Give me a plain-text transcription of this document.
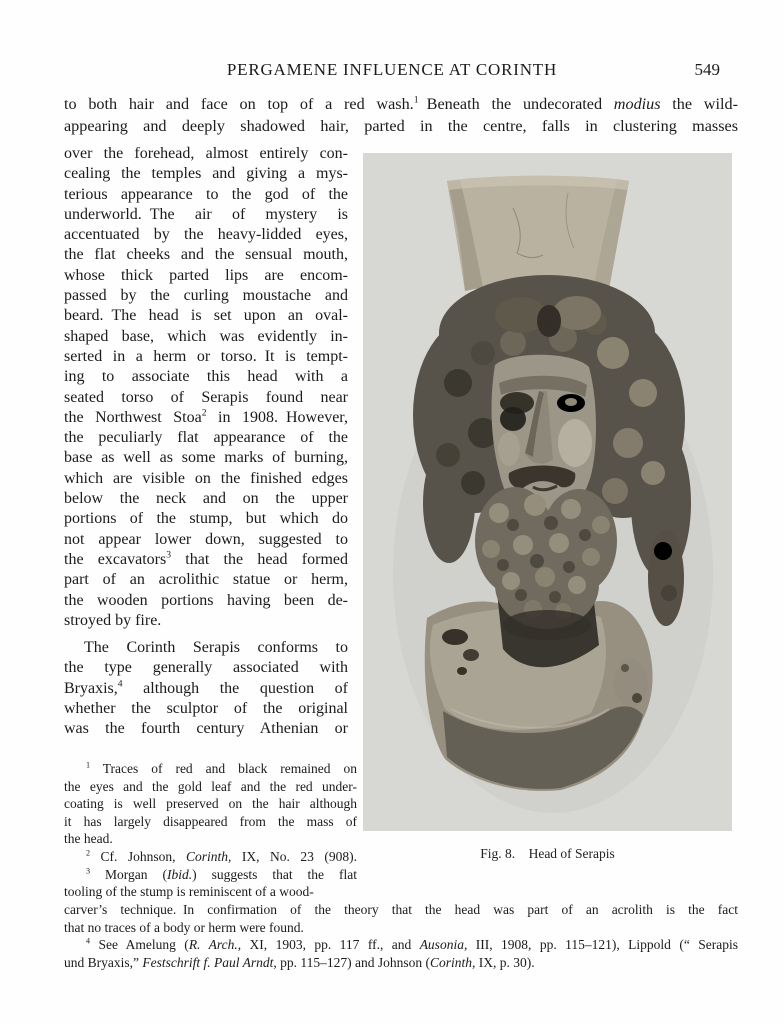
PERGAMENE INFLUENCE AT CORINTH	549
to both hair and face on top of a red wash.$^1$ Beneath the undecorated modius the wild-
appearing and deeply shadowed hair, parted in the centre, falls in clustering masses
over the forehead, almost entirely con-
cealing the temples and giving a mys-
terious appearance to the god of the
underworld. The air of mystery is
accentuated by the heavy-lidded eyes,
the flat cheeks and the sensual mouth,
whose thick parted lips are encom-
passed by the curling moustache and
beard. The head is set upon an oval-
shaped base, which was evidently in-
serted in a herm or torso. It is tempt-
ing to associate this head with a
seated torso of Serapis found near
the Northwest Stoa$^2$ in 1908. However,
the peculiarly flat appearance of the
base as well as some marks of burning,
which are visible on the finished edges
below the neck and on the upper
portions of the stump, but which do
not appear lower down, suggested to
the excavators$^3$ that the head formed
part of an acrolithic statue or herm,
the wooden portions having been de-
stroyed by fire.
The Corinth Serapis conforms to
the type generally associated with
Bryaxis,$^4$ although the question of
whether the sculptor of the original
was the fourth century Athenian or
$^1$ Traces of red and black remained on
the eyes and the gold leaf and the red under-
coating is well preserved on the hair although
it has largely disappeared from the mass of
the head.
$^2$ Cf. Johnson, Corinth, IX, No. 23 (908).
$^3$ Morgan (Ibid.) suggests that the flat
tooling of the stump is reminiscent of a wood-
carver’s technique. In confirmation of the theory that the head was part of an acrolith is the fact
that no traces of a body or herm were found.
$^4$ See Amelung (R. Arch., XI, 1903, pp. 117 ff., and Ausonia, III, 1908, pp. 115–121), Lippold (“ Serapis
und Bryaxis,” Festschrift f. Paul Arndt, pp. 115–127) and Johnson (Corinth, IX, p. 30).
Fig. 8. Head of Serapis
